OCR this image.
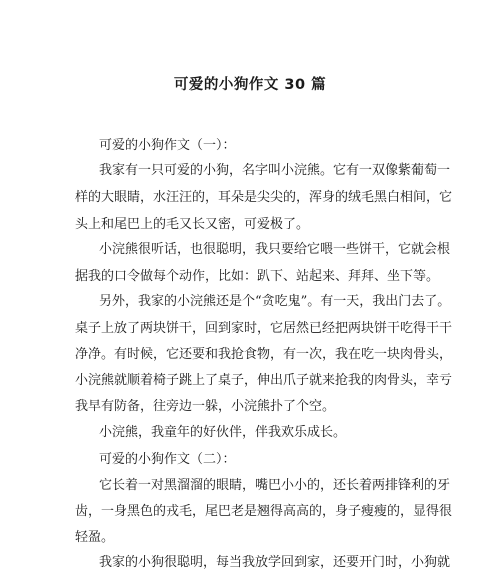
可爱的小狗作文 30 篇
可爱的小狗作文（一）：
我家有一只可爱的小狗，名字叫小浣熊。它有一双像紫葡萄一
样的大眼睛，水汪汪的，耳朵是尖尖的，浑身的绒毛黑白相间，它
头上和尾巴上的毛又长又密，可爱极了。
小浣熊很听话，也很聪明，我只要给它喂一些饼干，它就会根
据我的口令做每个动作，比如：趴下、站起来、拜拜、坐下等。
另外，我家的小浣熊还是个“贪吃鬼”。有一天，我出门去了。
桌子上放了两块饼干，回到家时，它居然已经把两块饼干吃得干干
净净。有时候，它还要和我抢食物，有一次，我在吃一块肉骨头，
小浣熊就顺着椅子跳上了桌子，伸出爪子就来抢我的肉骨头，幸亏
我早有防备，往旁边一躲，小浣熊扑了个空。
小浣熊，我童年的好伙伴，伴我欢乐成长。
可爱的小狗作文（二）：
它长着一对黑溜溜的眼睛，嘴巴小小的，还长着两排锋利的牙
齿，一身黑色的戎毛，尾巴老是翘得高高的，身子瘦瘦的，显得很
轻盈。
我家的小狗很聪明，每当我放学回到家，还要开门时，小狗就
